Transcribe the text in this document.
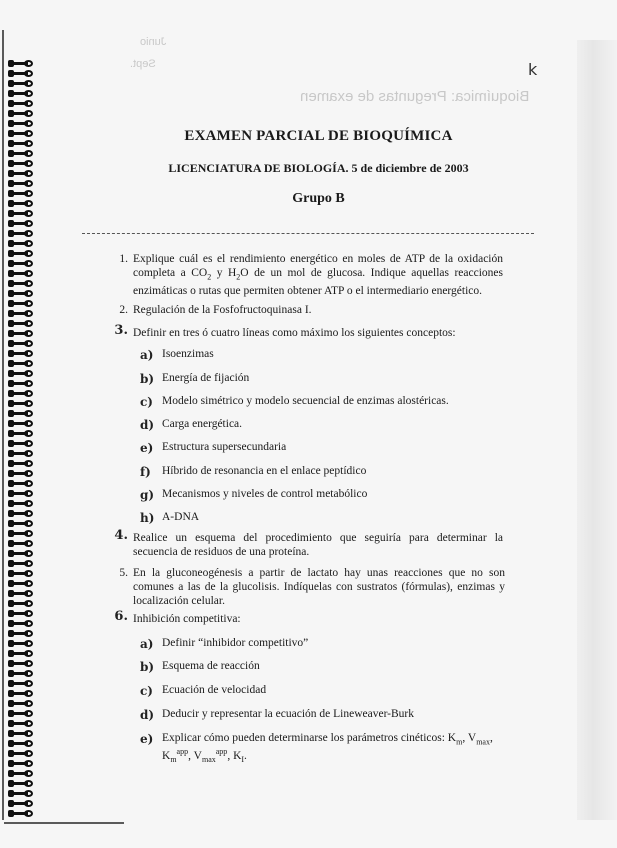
Bioquímica: Preguntas de examen
Junio
Sept.	k
EXAMEN PARCIAL DE BIOQUÍMICA
LICENCIATURA DE BIOLOGÍA. 5 de diciembre de 2003
Grupo B
1. Explique cuál es el rendimiento energético en moles de ATP de la oxidación completa a $CO_2$ y $H_2O$ de un mol de glucosa. Indique aquellas reacciones enzimáticas o rutas que permiten obtener ATP o el intermediario energético.
2. Regulación de la Fosfofructoquinasa I.
3. Definir en tres ó cuatro líneas como máximo los siguientes conceptos:
a) Isoenzimas
b) Energía de fijación
c) Modelo simétrico y modelo secuencial de enzimas alostéricas.
d) Carga energética.
e) Estructura supersecundaria
f) Híbrido de resonancia en el enlace peptídico
g) Mecanismos y niveles de control metabólico
h) A-DNA
4. Realice un esquema del procedimiento que seguiría para determinar la secuencia de residuos de una proteína.
5. En la gluconeogénesis a partir de lactato hay unas reacciones que no son comunes a las de la glucolisis. Indíquelas con sustratos (fórmulas), enzimas y localización celular.
6. Inhibición competitiva:
a) Definir “inhibidor competitivo”
b) Esquema de reacción
c) Ecuación de velocidad
d) Deducir y representar la ecuación de Lineweaver-Burk
e) Explicar cómo pueden determinarse los parámetros cinéticos: $K_m$, $V_{max}$,
$K_m^{app}$, $V_{max}^{app}$, $K_I$.
